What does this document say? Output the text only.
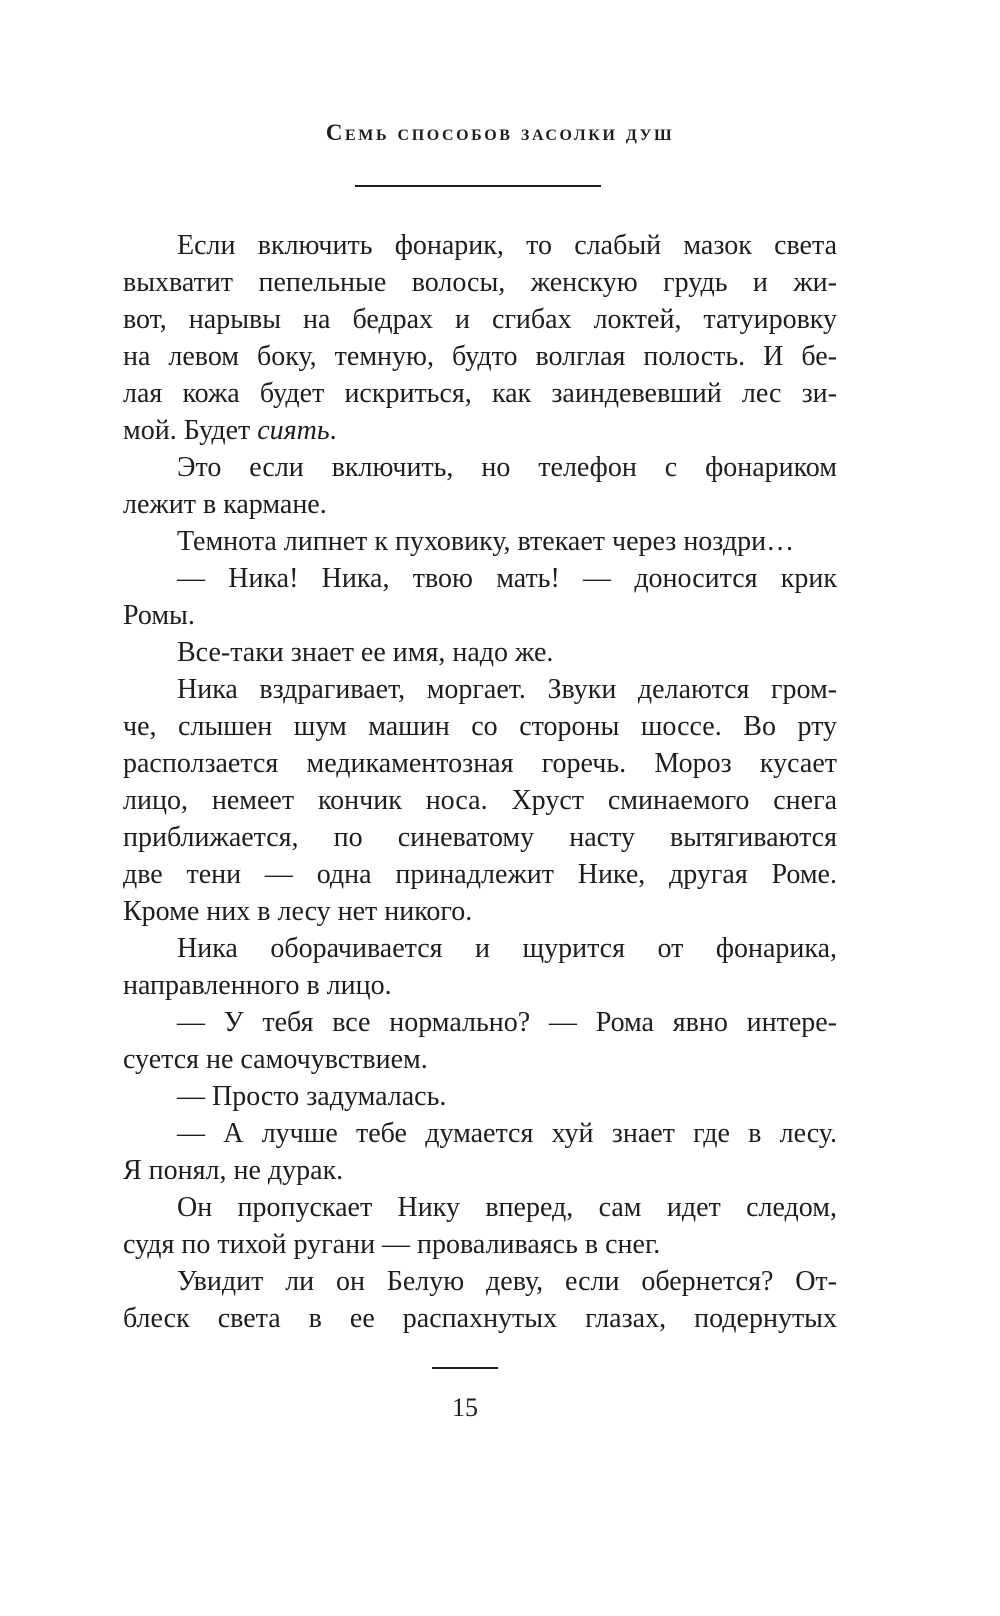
Семь способов засолки душ
Если включить фонарик, то слабый мазок света
выхватит пепельные волосы, женскую грудь и жи-
вот, нарывы на бедрах и сгибах локтей, татуировку
на левом боку, темную, будто волглая полость. И бе-
лая кожа будет искриться, как заиндевевший лес зи-
мой. Будет сиять.
Это если включить, но телефон с фонариком
лежит в кармане.
Темнота липнет к пуховику, втекает через ноздри…
— Ника! Ника, твою мать! — доносится крик
Ромы.
Все-таки знает ее имя, надо же.
Ника вздрагивает, моргает. Звуки делаются гром-
че, слышен шум машин со стороны шоссе. Во рту
расползается медикаментозная горечь. Мороз кусает
лицо, немеет кончик носа. Хруст сминаемого снега
приближается, по синеватому насту вытягиваются
две тени — одна принадлежит Нике, другая Роме.
Кроме них в лесу нет никого.
Ника оборачивается и щурится от фонарика,
направленного в лицо.
— У тебя все нормально? — Рома явно интере-
суется не самочувствием.
— Просто задумалась.
— А лучше тебе думается хуй знает где в лесу.
Я понял, не дурак.
Он пропускает Нику вперед, сам идет следом,
судя по тихой ругани — проваливаясь в снег.
Увидит ли он Белую деву, если обернется? От-
блеск света в ее распахнутых глазах, подернутых
15
